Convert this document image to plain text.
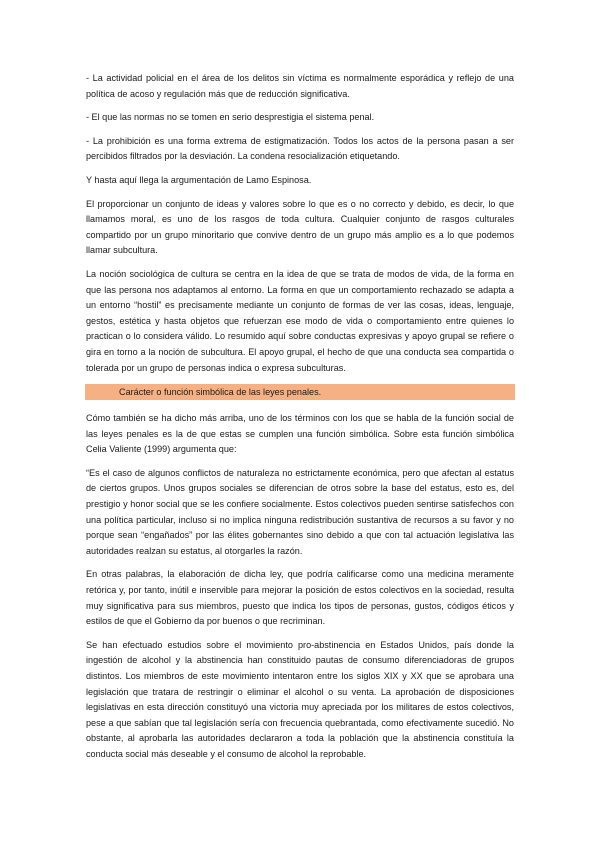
- La actividad policial en el área de los delitos sin víctima es normalmente esporádica y reflejo de una política de acoso y regulación más que de reducción significativa.

- El que las normas no se tomen en serio desprestigia el sistema penal.

- La prohibición es una forma extrema de estigmatización. Todos los actos de la persona pasan a ser percibidos filtrados por la desviación. La condena resocialización etiquetando.

Y hasta aquí llega la argumentación de Lamo Espinosa.

El proporcionar un conjunto de ideas y valores sobre lo que es o no correcto y debido, es decir, lo que llamamos moral, es uno de los rasgos de toda cultura. Cualquier conjunto de rasgos culturales compartido por un grupo minoritario que convive dentro de un grupo más amplio es a lo que podemos llamar subcultura.

La noción sociológica de cultura se centra en la idea de que se trata de modos de vida, de la forma en que las persona nos adaptamos al entorno. La forma en que un comportamiento rechazado se adapta a un entorno “hostil” es precisamente mediante un conjunto de formas de ver las cosas, ideas, lenguaje, gestos, estética y hasta objetos que refuerzan ese modo de vida o comportamiento entre quienes lo practican o lo considera válido. Lo resumido aquí sobre conductas expresivas y apoyo grupal se refiere o gira en torno a la noción de subcultura. El apoyo grupal, el hecho de que una conducta sea compartida o tolerada por un grupo de personas indica o expresa subculturas.

Carácter o función simbólica de las leyes penales.

Cómo también se ha dicho más arriba, uno de los términos con los que se habla de la función social de las leyes penales es la de que estas se cumplen una función simbólica. Sobre esta función simbólica Celia Valiente (1999) argumenta que:

“Es el caso de algunos conflictos de naturaleza no estrictamente económica, pero que afectan al estatus de ciertos grupos. Unos grupos sociales se diferencian de otros sobre la base del estatus, esto es, del prestigio y honor social que se les confiere socialmente. Estos colectivos pueden sentirse satisfechos con una política particular, incluso si no implica ninguna redistribución sustantiva de recursos a su favor y no porque sean “engañados” por las élites gobernantes sino debido a que con tal actuación legislativa las autoridades realzan su estatus, al otorgarles la razón.

En otras palabras, la elaboración de dicha ley, que podría calificarse como una medicina meramente retórica y, por tanto, inútil e inservible para mejorar la posición de estos colectivos en la sociedad, resulta muy significativa para sus miembros, puesto que indica los tipos de personas, gustos, códigos éticos y estilos de que el Gobierno da por buenos o que recriminan.

Se han efectuado estudios sobre el movimiento pro-abstinencia en Estados Unidos, país donde la ingestión de alcohol y la abstinencia han constituido pautas de consumo diferenciadoras de grupos distintos. Los miembros de este movimiento intentaron entre los siglos XIX y XX que se aprobara una legislación que tratara de restringir o eliminar el alcohol o su venta. La aprobación de disposiciones legislativas en esta dirección constituyó una victoria muy apreciada por los militares de estos colectivos, pese a que sabían que tal legislación sería con frecuencia quebrantada, como efectivamente sucedió. No obstante, al aprobarla las autoridades declararon a toda la población que la abstinencia constituía la conducta social más deseable y el consumo de alcohol la reprobable.
